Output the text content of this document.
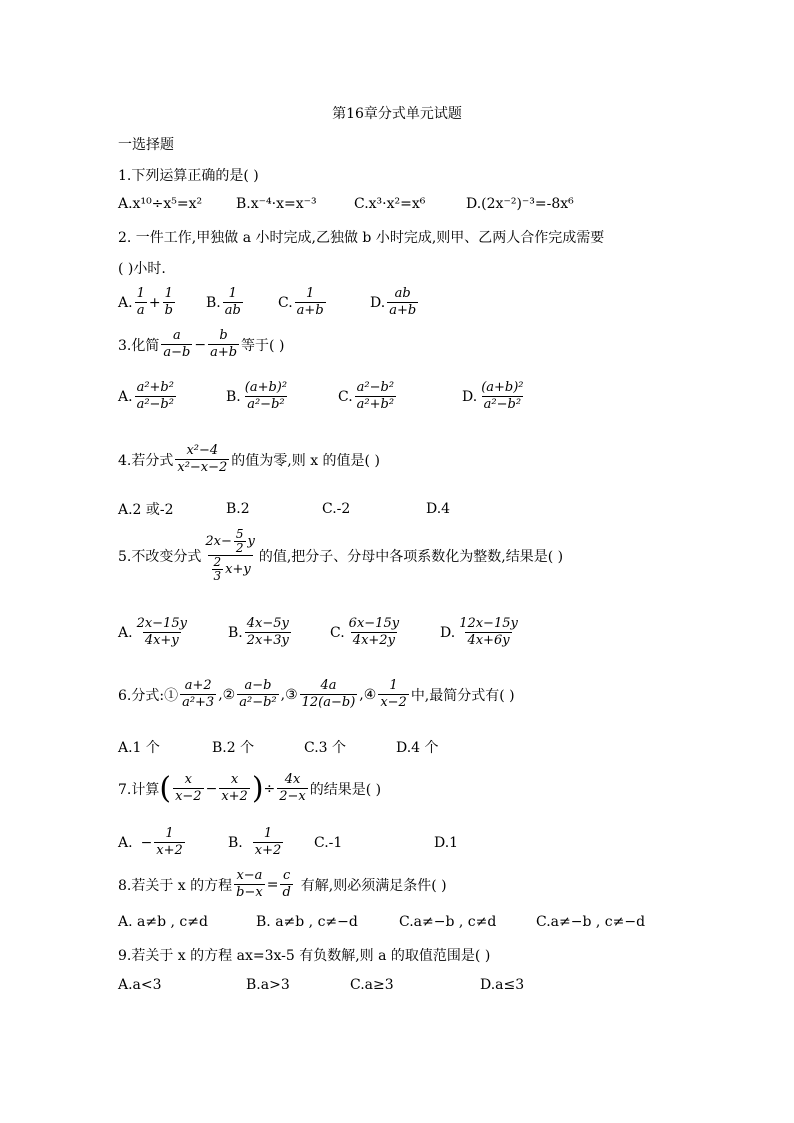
第16章分式单元试题
一选择题
1.下列运算正确的是( )
A.x¹⁰÷x⁵=x²	B.x⁻⁴·x=x⁻³	C.x³·x²=x⁶	D.(2x⁻²)⁻³=-8x⁶
2. 一件工作,甲独做 a 小时完成,乙独做 b 小时完成,则甲、乙两人合作完成需要
( )小时.
A. $\frac{1}{a} + \frac{1}{b} B$. $\frac{1}{ab}$	C. $\frac{1}{a+b}$	D. $\frac{ab}{a+b}$
3.化简 $\frac{a}{a-b} - \frac{b}{a+b}$ 等于( )
A. $\frac{\text{a²+b²}}{\text{a²−b²}}$	B. $\frac{\text{(a+b)²}}{\text{a²−b²}}$	C. $\frac{\text{a²−b²}}{\text{a²+b²}}$	D. $\frac{\text{(a+b)²}}{\text{a²−b²}}$
4.若分式 $\frac{\text{x²−4}}{\text{x²−x−2}}$ 的值为零,则 x 的值是( )
A.2 或-2	B.2	C.-2	D.4
5.不改变分式 $\frac{2x- \frac{5}{2} y}{\frac{2}{3} x+y}$ 的值,把分子、分母中各项系数化为整数,结果是( )
A. $\frac{2x-15y}{4x+y}$	B. $\frac{4x-5y}{2x+3y}$	C. $\frac{6x-15y}{4x+2y}$	D. $\frac{12x-15y}{4x+6y}$
6.分式:① $\frac{a+2}{\text{a²+3}}$ ,② $\frac{a-b}{\text{a²−b²}}$ ,③ $\frac{4a}{12(a-b)}$ ,④ $\frac{1}{x-2}$ 中,最简分式有( )
A.1 个	B.2 个	C.3 个	D.4 个
7.计算 ( $\frac{x}{x-2} - \frac{x}{x+2}$ ) ÷ $\frac{4x}{2-x}$ 的结果是( )
A. − $\frac{1}{x+2}$	B. $\frac{1}{x+2} C.-1$	D.1
8.若关于 x 的方程 $\frac{x-a}{b-x} = \frac{c}{d}$ 有解,则必须满足条件( )
A. a≠b , c≠d	B. a≠b , c≠−d	C.a≠−b , c≠d	C.a≠−b , c≠−d
9.若关于 x 的方程 ax=3x-5 有负数解,则 a 的取值范围是( )
A.a<3	B.a>3	C.a≥3	D.a≤3
